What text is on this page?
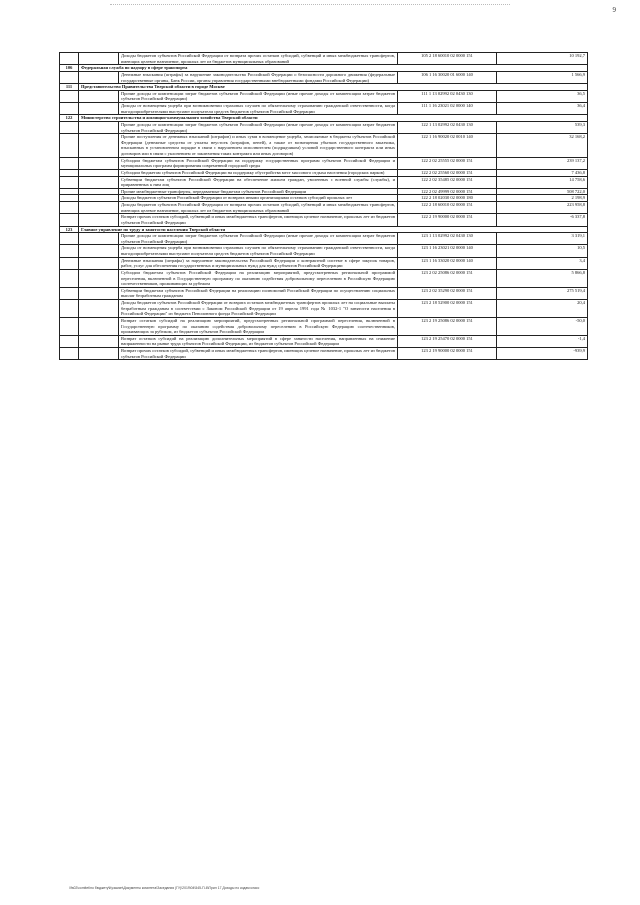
9
		Доходы бюджетов субъектов Российской Федерации от возврата прочих остатков субсидий, субвенций и иных межбюджетных трансфертов, имеющих целевое назначение, прошлых лет из бюджетов муниципальных образований	105 2 18 60010 02 0000 151	10 192,7
106	Федеральная служба по надзору в сфере транспорта			
		Денежные взыскания (штрафы) за нарушение законодательства Российской Федерации о безопасности дорожного движения (федеральные государственные органы, Банк России, органы управления государственными внебюджетными фондами Российской Федерации)	106 1 16 30020 01 6000 140	1 566,9
111	Представительство Правительства Тверской области в городе Москве			
		Прочие доходы от компенсации затрат бюджетов субъектов Российской Федерации (иные прочие доходы от компенсации затрат бюджетов субъектов Российской Федерации)	111 1 13 02992 02 0430 130	36,5
		Доходы от возмещения ущерба при возникновении страховых случаев по обязательному страхованию гражданской ответственности, когда выгодоприобретателями выступают получатели средств бюджетов субъектов Российской Федерации	111 1 16 23021 02 0000 140	36,4
122	Министерство строительства и жилищно-коммунального хозяйства Тверской области			
		Прочие доходы от компенсации затрат бюджетов субъектов Российской Федерации (иные прочие доходы от компенсации затрат бюджетов субъектов Российской Федерации)	122 1 13 02992 02 0430 130	539,3
		Прочие поступления от денежных взысканий (штрафов) и иных сумм в возмещение ущерба, зачисляемые в бюджеты субъектов Российской Федерации (денежные средства от уплаты неустоек (штрафов, пеней), а также от возмещения убытков государственного заказчика, взысканных в установленном порядке в связи с нарушением исполнителем (подрядчиком) условий государственного контракта или иных договоров или в связи с уклонением от заключения таких контракта или иных договоров)	122 1 16 90020 02 0010 140	32 168,2
		Субсидии бюджетам субъектов Российской Федерации на поддержку государственных программ субъектов Российской Федерации и муниципальных программ формирования современной городской среды	122 2 02 25555 02 0000 151	239 137,2
		Субсидии бюджетам субъектов Российской Федерации на поддержку обустройства мест массового отдыха населения (городских парков)	122 2 02 25560 02 0000 151	7 436,8
		Субвенции бюджетам субъектов Российской Федерации на обеспечение жильем граждан, уволенных с военной службы (службы), и приравненных к ним лиц	122 2 02 35485 02 0000 151	14 758,6
		Прочие межбюджетные трансферты, передаваемые бюджетам субъектов Российской Федерации	122 2 02 49999 02 0000 151	508 722,0
		Доходы бюджетов субъектов Российской Федерации от возврата иными организациями остатков субсидий прошлых лет	122 2 18 02030 02 0000 180	2 198,9
		Доходы бюджетов субъектов Российской Федерации от возврата прочих остатков субсидий, субвенций и иных межбюджетных трансфертов, имеющих целевое назначение, прошлых лет из бюджетов муниципальных образований	122 2 18 60010 02 0000 151	223 958,8
		Возврат прочих остатков субсидий, субвенций и иных межбюджетных трансфертов, имеющих целевое назначение, прошлых лет из бюджетов субъектов Российской Федерации	122 2 19 90000 02 0000 151	-6 337,8
123	Главное управление по труду и занятости населения Тверской области			
		Прочие доходы от компенсации затрат бюджетов субъектов Российской Федерации (иные прочие доходы от компенсации затрат бюджетов субъектов Российской Федерации)	123 1 13 02992 02 0430 130	3 319,1
		Доходы от возмещения ущерба при возникновении страховых случаев по обязательному страхованию гражданской ответственности, когда выгодоприобретателями выступают получатели средств бюджетов субъектов Российской Федерации	123 1 16 23021 02 0000 140	10,5
		Денежные взыскания (штрафы) за нарушение законодательства Российской Федерации о контрактной системе в сфере закупок товаров, работ, услуг для обеспечения государственных и муниципальных нужд для нужд субъектов Российской Федерации	123 1 16 33020 02 0000 140	3,4
		Субсидии бюджетам субъектов Российской Федерации на реализацию мероприятий, предусмотренных региональной программой переселения, включенной в Государственную программу по оказанию содействия добровольному переселению в Российскую Федерацию соотечественников, проживающих за рубежом	123 2 02 25086 02 0000 151	5 866,8
		Субвенции бюджетам субъектов Российской Федерации на реализацию полномочий Российской Федерации по осуществлению социальных выплат безработным гражданам	123 2 02 35290 02 0000 151	275 519,4
		Доходы бюджетов субъектов Российской Федерации от возврата остатков межбюджетных трансфертов прошлых лет на социальные выплаты безработным гражданам в соответствии с Законом Российской Федерации от 19 апреля 1991 года № 1032-1 "О занятости населения в Российской Федерации" из бюджета Пенсионного фонда Российской Федерации	123 2 18 52900 02 0000 151	20,4
		Возврат остатков субсидий на реализацию мероприятий, предусмотренных региональной программой переселения, включенной в Государственную программу по оказанию содействия добровольному переселению в Российскую Федерацию соотечественников, проживающих за рубежом, из бюджетов субъектов Российской Федерации	123 2 19 25086 02 0000 151	-50,0
		Возврат остатков субсидий на реализацию дополнительных мероприятий в сфере занятости населения, направленных на снижение напряженности на рынке труда субъектов Российской Федерации, из бюджетов субъектов Российской Федерации	123 2 19 25470 02 0000 151	-1,4
		Возврат прочих остатков субсидий, субвенций и иных межбюджетных трансфертов, имеющих целевое назначение, прошлых лет из бюджетов субъектов Российской Федерации	123 2 19 90000 02 0000 151	-939,9
\\fs02\comitet\по бюджету\Кузьмин\Документы комитета\Заседания (ГУ)\2019\04\545-П-6\Прил 17 Доходы по кодам класс
